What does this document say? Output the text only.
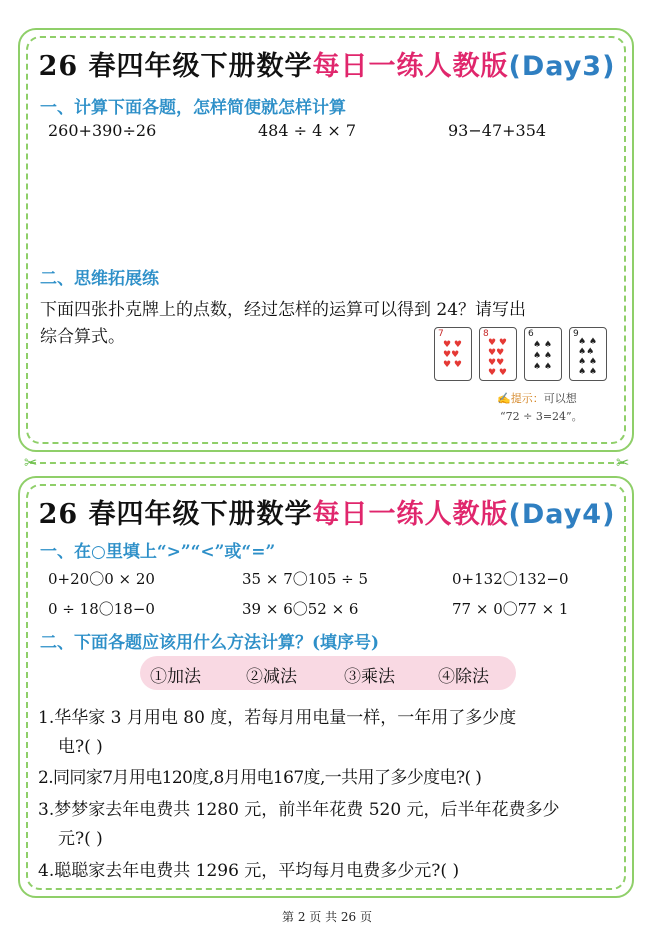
26 春四年级下册数学每日一练人教版(Day3)
一、计算下面各题，怎样简便就怎样计算
260+390÷26	484 ÷ 4 × 7	93−47+354
二、思维拓展练
下面四张扑克牌上的点数，经过怎样的运算可以得到 24？请写出
综合算式。	7
♥ ♥
♥♥
♥ ♥
8
♥ ♥
♥♥
♥♥
♥ ♥
6
♠ ♠
♠ ♠
♠ ♠
9
♠ ♠
♠♠
♠ ♠
♠ ♠
✍提示：可以想
“72 ÷ 3=24”。
✂	✂
26 春四年级下册数学每日一练人教版(Day4)
一、在○里填上“>”“<”或“=”
0+20〇0 × 20	35 × 7〇105 ÷ 5	0+132〇132−0
0 ÷ 18〇18−0	39 × 6〇52 × 6	77 × 0〇77 × 1
二、下面各题应该用什么方法计算？(填序号)
①加法	②减法	③乘法	④除法
1.华华家 3 月用电 80 度，若每月用电量一样，一年用了多少度
电?( )
2.同同家7月用电120度,8月用电167度,一共用了多少度电?( )
3.梦梦家去年电费共 1280 元，前半年花费 520 元，后半年花费多少
元?( )
4.聪聪家去年电费共 1296 元，平均每月电费多少元?( )
第 2 页 共 26 页
